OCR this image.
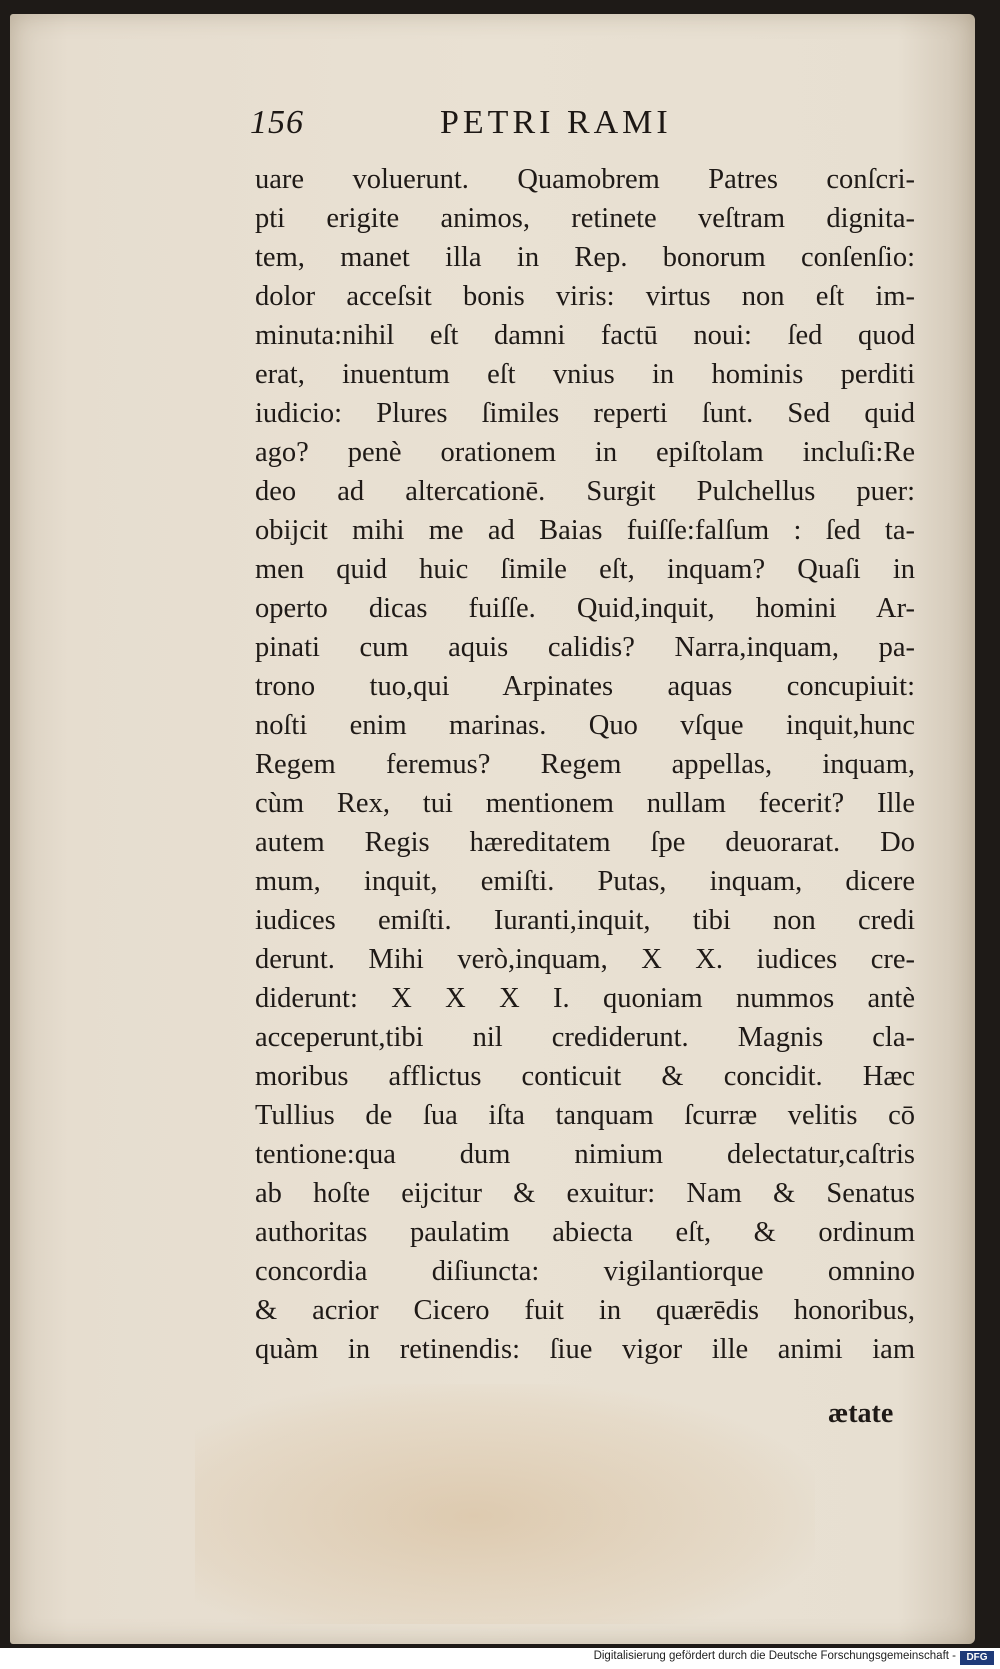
156	PETRI RAMI
uare voluerunt. Quamobrem Patres conſcri-
pti erigite animos, retinete veſtram dignita-
tem, manet illa in Rep. bonorum conſenſio:
dolor acceſsit bonis viris: virtus non eſt im-
minuta:nihil eſt damni factū noui: ſed quod
erat, inuentum eſt vnius in hominis perditi
iudicio: Plures ſimiles reperti ſunt. Sed quid
ago? penè orationem in epiſtolam incluſi:Re
deo ad altercationē. Surgit Pulchellus puer:
obijcit mihi me ad Baias fuiſſe:falſum : ſed ta-
men quid huic ſimile eſt, inquam? Quaſi in
operto dicas fuiſſe. Quid,inquit, homini Ar-
pinati cum aquis calidis? Narra,inquam, pa-
trono tuo,qui Arpinates aquas concupiuit:
noſti enim marinas. Quo vſque inquit,hunc
Regem feremus? Regem appellas, inquam,
cùm Rex, tui mentionem nullam fecerit? Ille
autem Regis hæreditatem ſpe deuorarat. Do
mum, inquit, emiſti. Putas, inquam, dicere
iudices emiſti. Iuranti,inquit, tibi non credi
derunt. Mihi verò,inquam, X X. iudices cre-
diderunt: X X X I. quoniam nummos antè
acceperunt,tibi nil crediderunt. Magnis cla-
moribus afflictus conticuit & concidit. Hæc
Tullius de ſua iſta tanquam ſcurræ velitis cō
tentione:qua dum nimium delectatur,caſtris
ab hoſte eijcitur & exuitur: Nam & Senatus
authoritas paulatim abiecta eſt, & ordinum
concordia diſiuncta: vigilantiorque omnino
& acrior Cicero fuit in quærēdis honoribus,
quàm in retinendis: ſiue vigor ille animi iam
ætate
Digitalisierung gefördert durch die Deutsche Forschungsgemeinschaft -	DFG
